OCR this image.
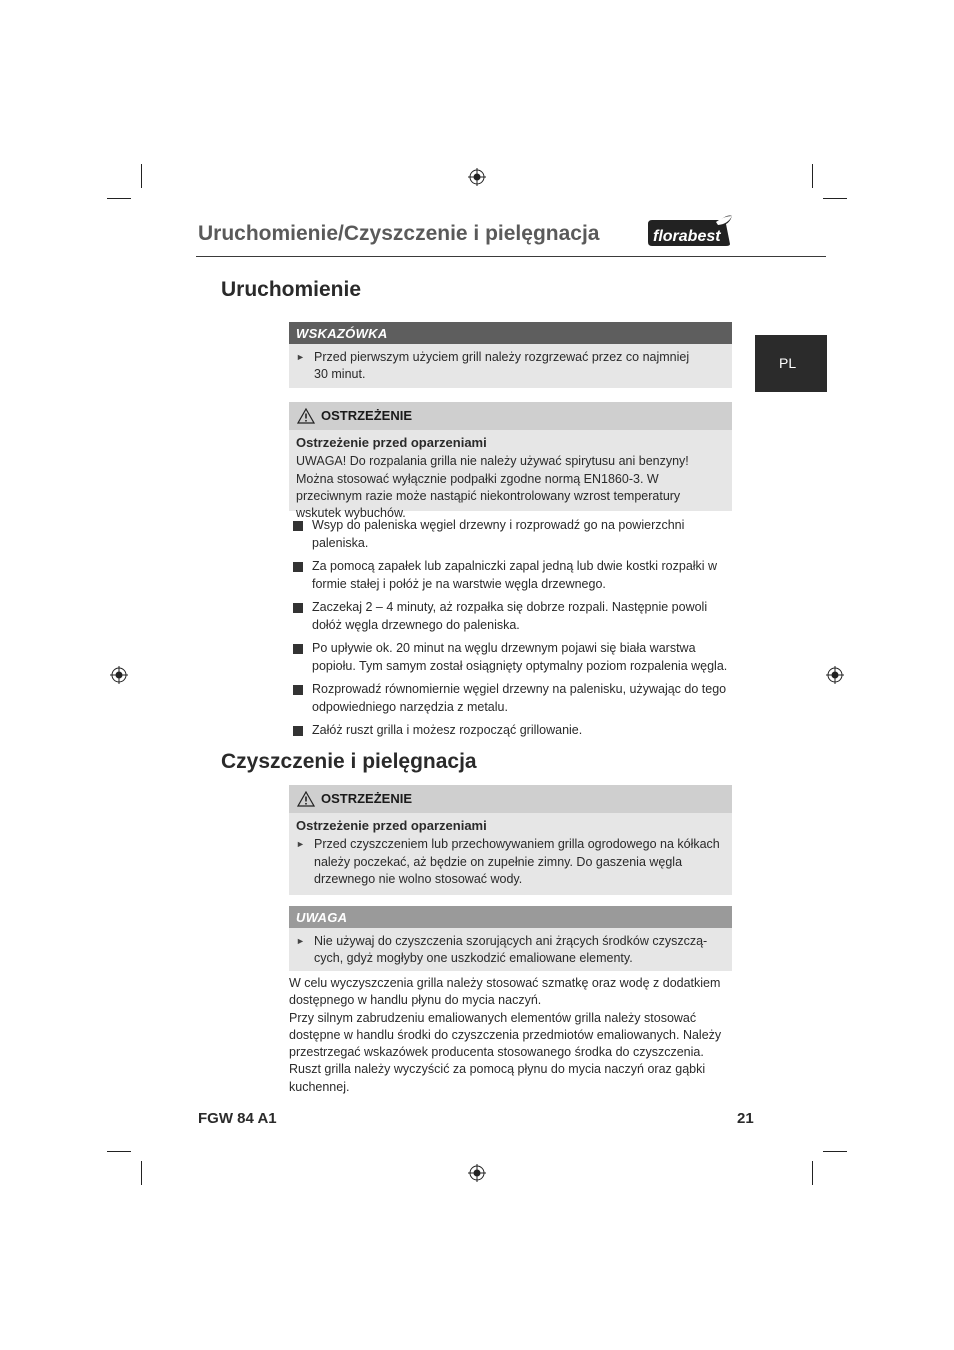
Uruchomienie/Czyszczenie i pielęgnacja	florabest
PL
Uruchomienie
WSKAZÓWKA
► Przed pierwszym użyciem grill należy rozgrzewać przez co najmniej 30 minut.
OSTRZEŻENIE
Ostrzeżenie przed oparzeniami
UWAGA! Do rozpalania grilla nie należy używać spirytusu ani benzyny! Można stosować wyłącznie podpałki zgodne normą EN1860-3. W przeciwnym razie może nastąpić niekontrolowany wzrost temperatury wskutek wybuchów.
Wsyp do paleniska węgiel drzewny i rozprowadź go na powierzchni paleniska.
Za pomocą zapałek lub zapalniczki zapal jedną lub dwie kostki rozpałki w formie stałej i połóż je na warstwie węgla drzewnego.
Zaczekaj 2 – 4 minuty, aż rozpałka się dobrze rozpali. Następnie powoli dołóż węgla drzewnego do paleniska.
Po upływie ok. 20 minut na węglu drzewnym pojawi się biała warstwa popiołu. Tym samym został osiągnięty optymalny poziom rozpalenia węgla.
Rozprowadź równomiernie węgiel drzewny na palenisku, używając do tego odpowiedniego narzędzia z metalu.
Załóż ruszt grilla i możesz rozpocząć grillowanie.
Czyszczenie i pielęgnacja
OSTRZEŻENIE
Ostrzeżenie przed oparzeniami
► Przed czyszczeniem lub przechowywaniem grilla ogrodowego na kółkach należy poczekać, aż będzie on zupełnie zimny. Do gaszenia węgla drzewnego nie wolno stosować wody.
UWAGA
► Nie używaj do czyszczenia szorujących ani żrących środków czyszczą-cych, gdyż mogłyby one uszkodzić emaliowane elementy.
W celu wyczyszczenia grilla należy stosować szmatkę oraz wodę z dodatkiem dostępnego w handlu płynu do mycia naczyń.
Przy silnym zabrudzeniu emaliowanych elementów grilla należy stosować dostępne w handlu środki do czyszczenia przedmiotów emaliowanych. Należy przestrzegać wskazówek producenta stosowanego środka do czyszczenia.
Ruszt grilla należy wyczyścić za pomocą płynu do mycia naczyń oraz gąbki kuchennej.
FGW 84 A1	21
